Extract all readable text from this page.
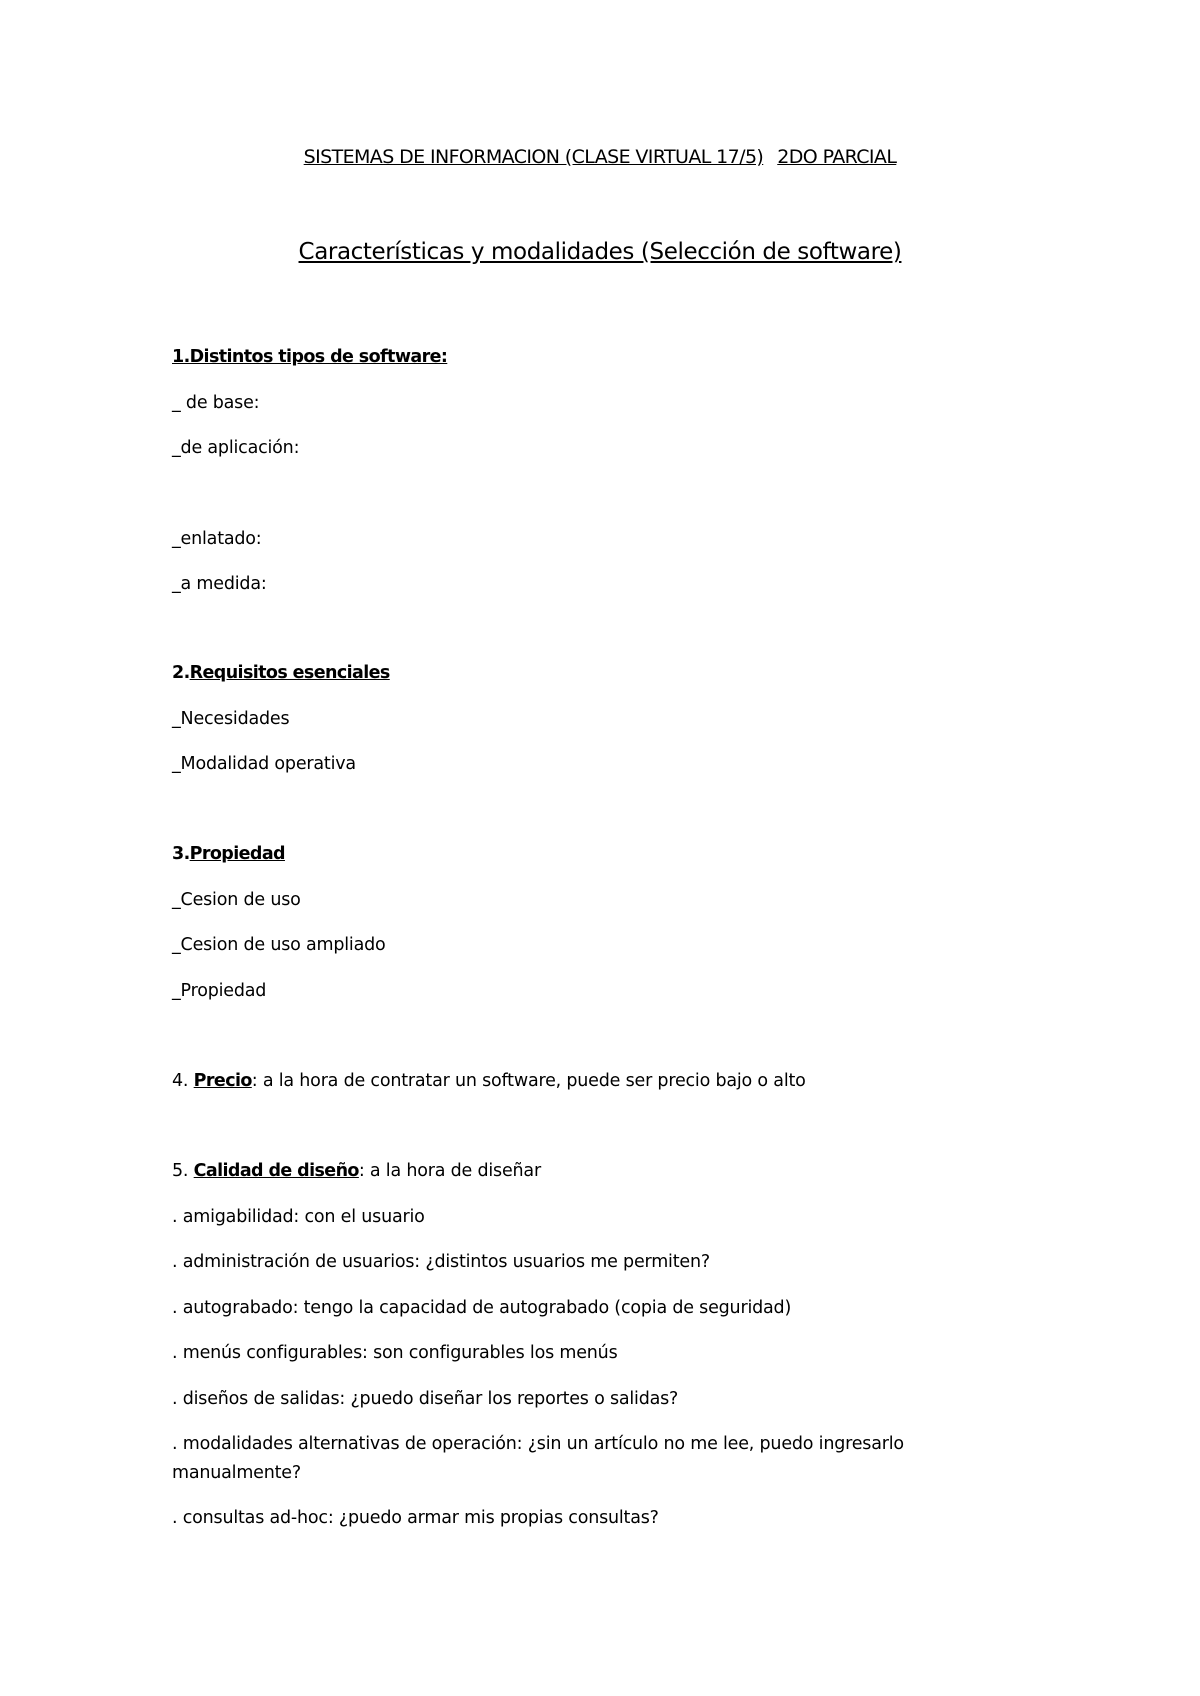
SISTEMAS DE INFORMACION (CLASE VIRTUAL 17/5) 2DO PARCIAL
Características y modalidades (Selección de software)
1.Distintos tipos de software:
_ de base:
_de aplicación:
_enlatado:
_a medida:
2.Requisitos esenciales
_Necesidades
_Modalidad operativa
3.Propiedad
_Cesion de uso
_Cesion de uso ampliado
_Propiedad
4. Precio: a la hora de contratar un software, puede ser precio bajo o alto
5. Calidad de diseño: a la hora de diseñar
. amigabilidad: con el usuario
. administración de usuarios: ¿distintos usuarios me permiten?
. autograbado: tengo la capacidad de autograbado (copia de seguridad)
. menús configurables: son configurables los menús
. diseños de salidas: ¿puedo diseñar los reportes o salidas?
. modalidades alternativas de operación: ¿sin un artículo no me lee, puedo ingresarlo
manualmente?
. consultas ad-hoc: ¿puedo armar mis propias consultas?
